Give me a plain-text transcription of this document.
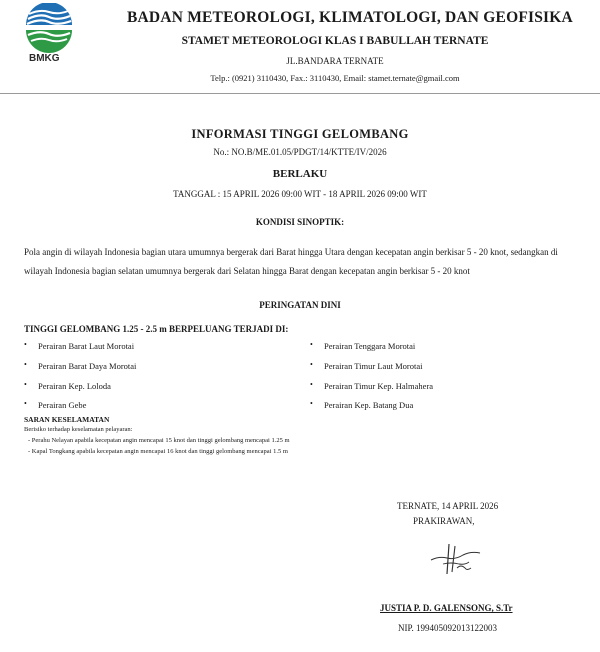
BMKG
BADAN METEOROLOGI, KLIMATOLOGI, DAN GEOFISIKA
STAMET METEOROLOGI KLAS I BABULLAH TERNATE
JL.BANDARA TERNATE
Telp.: (0921) 3110430, Fax.: 3110430, Email: stamet.ternate@gmail.com
INFORMASI TINGGI GELOMBANG
No.: NO.B/ME.01.05/PDGT/14/KTTE/IV/2026
BERLAKU
TANGGAL : 15 APRIL 2026 09:00 WIT - 18 APRIL 2026 09:00 WIT
KONDISI SINOPTIK:
Pola angin di wilayah Indonesia bagian utara umumnya bergerak dari Barat hingga Utara dengan kecepatan angin berkisar 5 - 20 knot, sedangkan di wilayah Indonesia bagian selatan umumnya bergerak dari Selatan hingga Barat dengan kecepatan angin berkisar 5 - 20 knot
PERINGATAN DINI
TINGGI GELOMBANG 1.25 - 2.5 m BERPELUANG TERJADI DI:
• Perairan Barat Laut Morotai
• Perairan Barat Daya Morotai
• Perairan Kep. Loloda
• Perairan Gebe
• Perairan Tenggara Morotai
• Perairan Timur Laut Morotai
• Perairan Timur Kep. Halmahera
• Perairan Kep. Batang Dua
SARAN KESELAMATAN
Berisiko terhadap keselamatan pelayaran:
- Perahu Nelayan apabila kecepatan angin mencapai 15 knot dan tinggi gelombang mencapai 1.25 m
- Kapal Tongkang apabila kecepatan angin mencapai 16 knot dan tinggi gelombang mencapai 1.5 m
TERNATE, 14 APRIL 2026
PRAKIRAWAN,
JUSTIA P. D. GALENSONG, S.Tr
NIP. 199405092013122003
